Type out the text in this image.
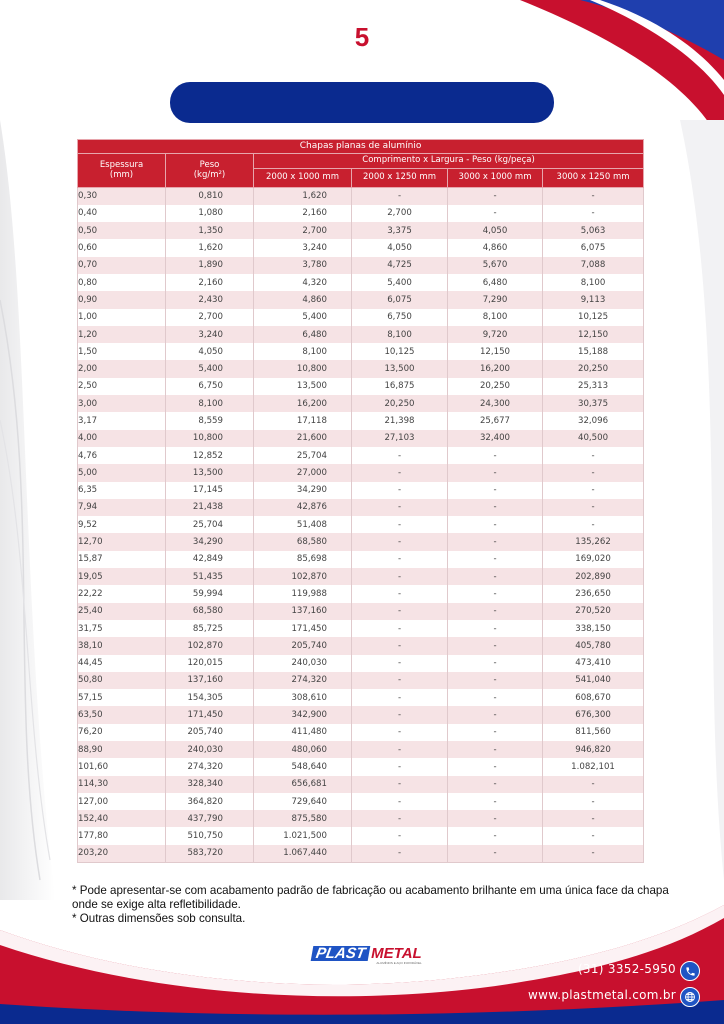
5
TABELAS DE PESOS E MEDIDAS
Chapas planas de alumínio					
Espessura
(mm)	Peso
(kg/m²)	Comprimento x Largura - Peso (kg/peça)			
		2000 x 1000 mm	2000 x 1250 mm	3000 x 1000 mm	3000 x 1250 mm
0,30	0,810	1,620	-	-	-
0,40	1,080	2,160	2,700	-	-
0,50	1,350	2,700	3,375	4,050	5,063
0,60	1,620	3,240	4,050	4,860	6,075
0,70	1,890	3,780	4,725	5,670	7,088
0,80	2,160	4,320	5,400	6,480	8,100
0,90	2,430	4,860	6,075	7,290	9,113
1,00	2,700	5,400	6,750	8,100	10,125
1,20	3,240	6,480	8,100	9,720	12,150
1,50	4,050	8,100	10,125	12,150	15,188
2,00	5,400	10,800	13,500	16,200	20,250
2,50	6,750	13,500	16,875	20,250	25,313
3,00	8,100	16,200	20,250	24,300	30,375
3,17	8,559	17,118	21,398	25,677	32,096
4,00	10,800	21,600	27,103	32,400	40,500
4,76	12,852	25,704	-	-	-
5,00	13,500	27,000	-	-	-
6,35	17,145	34,290	-	-	-
7,94	21,438	42,876	-	-	-
9,52	25,704	51,408	-	-	-
12,70	34,290	68,580	-	-	135,262
15,87	42,849	85,698	-	-	169,020
19,05	51,435	102,870	-	-	202,890
22,22	59,994	119,988	-	-	236,650
25,40	68,580	137,160	-	-	270,520
31,75	85,725	171,450	-	-	338,150
38,10	102,870	205,740	-	-	405,780
44,45	120,015	240,030	-	-	473,410
50,80	137,160	274,320	-	-	541,040
57,15	154,305	308,610	-	-	608,670
63,50	171,450	342,900	-	-	676,300
76,20	205,740	411,480	-	-	811,560
88,90	240,030	480,060	-	-	946,820
101,60	274,320	548,640	-	-	1.082,101
114,30	328,340	656,681	-	-	-
127,00	364,820	729,640	-	-	-
152,40	437,790	875,580	-	-	-
177,80	510,750	1.021,500	-	-	-
203,20	583,720	1.067,440	-	-	-

* Pode apresentar-se com acabamento padrão de fabricação ou acabamento brilhante em uma única face da chapa onde se exige alta refletibilidade.

* Outras dimensões sob consulta.

PLAST METAL
ALUMÍNIOS E AÇO INOXIDÁVEL	(31) 3352-5950
www.plastmetal.com.br
